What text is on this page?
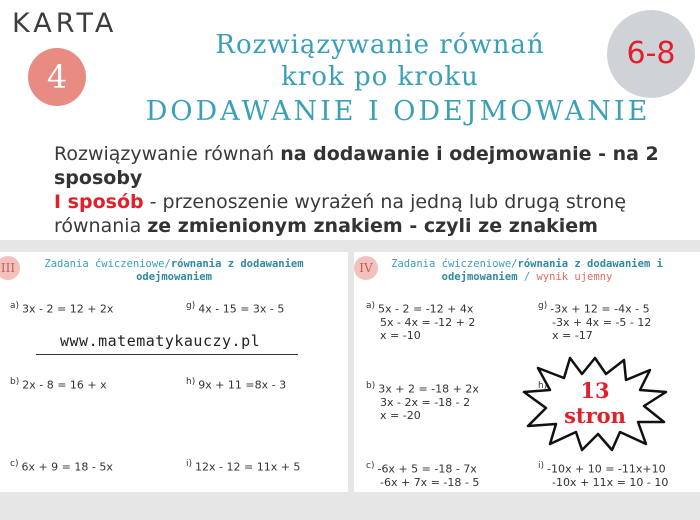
KARTA
4
Rozwiązywanie równań
krok po kroku
DODAWANIE I ODEJMOWANIE
6-8
Rozwiązywanie równań na dodawanie i odejmowanie - na 2
sposoby
I sposób - przenoszenie wyrażeń na jedną lub drugą stronę
równania ze zmienionym znakiem - czyli ze znakiem
III	Zadania ćwiczeniowe/równania z dodawaniem
odejmowaniem
$^{a)}$ 3x - 2 = 12 + 2x
$^{b)}$ 2x - 8 = 16 + x
$^{c)}$ 6x + 9 = 18 - 5x
$^{g)}$ 4x - 15 = 3x - 5
$^{h)}$ 9x + 11 =8x - 3
$^{i)}$ 12x - 12 = 11x + 5
www.matematykauczy.pl
IV	Zadania ćwiczeniowe/równania z dodawaniem i
odejmowaniem / wynik ujemny
$^{a)}$ 5x - 2 = -12 + 4x
5x - 4x = -12 + 2
x = -10
$^{b)}$ 3x + 2 = -18 + 2x
3x - 2x = -18 - 2
x = -20
$^{c)}$ -6x + 5 = -18 - 7x
-6x + 7x = -18 - 5
$^{g)}$ -3x + 12 = -4x - 5
-3x + 4x = -5 - 12
x = -17
$^{h)}$
$^{i)}$ -10x + 10 = -11x+10
-10x + 11x = 10 - 10
13
stron
